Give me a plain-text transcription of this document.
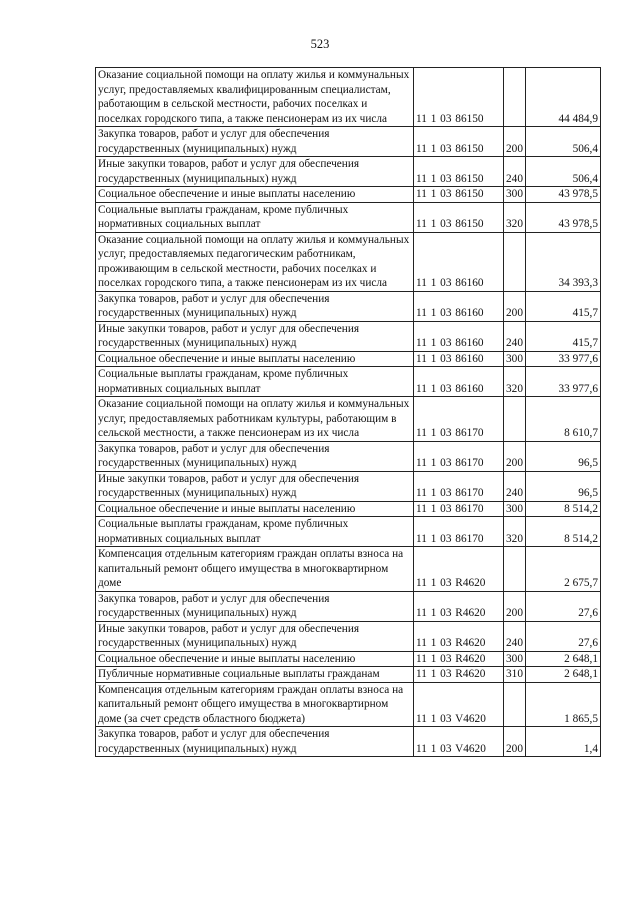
523
Оказание социальной помощи на оплату жилья и коммунальных услуг, предоставляемых квалифицированным специалистам, работающим в сельской местности, рабочих поселках и поселках городского типа, а также пенсионерам из их числа	11 1 03 86150		44 484,9
Закупка товаров, работ и услуг для обеспечения государственных (муниципальных) нужд	11 1 03 86150	200	506,4
Иные закупки товаров, работ и услуг для обеспечения государственных (муниципальных) нужд	11 1 03 86150	240	506,4
Социальное обеспечение и иные выплаты населению	11 1 03 86150	300	43 978,5
Социальные выплаты гражданам, кроме публичных нормативных социальных выплат	11 1 03 86150	320	43 978,5
Оказание социальной помощи на оплату жилья и коммунальных услуг, предоставляемых педагогическим работникам, проживающим в сельской местности, рабочих поселках и поселках городского типа, а также пенсионерам из их числа	11 1 03 86160		34 393,3
Закупка товаров, работ и услуг для обеспечения государственных (муниципальных) нужд	11 1 03 86160	200	415,7
Иные закупки товаров, работ и услуг для обеспечения государственных (муниципальных) нужд	11 1 03 86160	240	415,7
Социальное обеспечение и иные выплаты населению	11 1 03 86160	300	33 977,6
Социальные выплаты гражданам, кроме публичных нормативных социальных выплат	11 1 03 86160	320	33 977,6
Оказание социальной помощи на оплату жилья и коммунальных услуг, предоставляемых работникам культуры, работающим в сельской местности, а также пенсионерам из их числа	11 1 03 86170		8 610,7
Закупка товаров, работ и услуг для обеспечения государственных (муниципальных) нужд	11 1 03 86170	200	96,5
Иные закупки товаров, работ и услуг для обеспечения государственных (муниципальных) нужд	11 1 03 86170	240	96,5
Социальное обеспечение и иные выплаты населению	11 1 03 86170	300	8 514,2
Социальные выплаты гражданам, кроме публичных нормативных социальных выплат	11 1 03 86170	320	8 514,2
Компенсация отдельным категориям граждан оплаты взноса на капитальный ремонт общего имущества в многоквартирном доме	11 1 03 R4620		2 675,7
Закупка товаров, работ и услуг для обеспечения государственных (муниципальных) нужд	11 1 03 R4620	200	27,6
Иные закупки товаров, работ и услуг для обеспечения государственных (муниципальных) нужд	11 1 03 R4620	240	27,6
Социальное обеспечение и иные выплаты населению	11 1 03 R4620	300	2 648,1
Публичные нормативные социальные выплаты гражданам	11 1 03 R4620	310	2 648,1
Компенсация отдельным категориям граждан оплаты взноса на капитальный ремонт общего имущества в многоквартирном доме (за счет средств областного бюджета)	11 1 03 V4620		1 865,5
Закупка товаров, работ и услуг для обеспечения государственных (муниципальных) нужд	11 1 03 V4620	200	1,4
